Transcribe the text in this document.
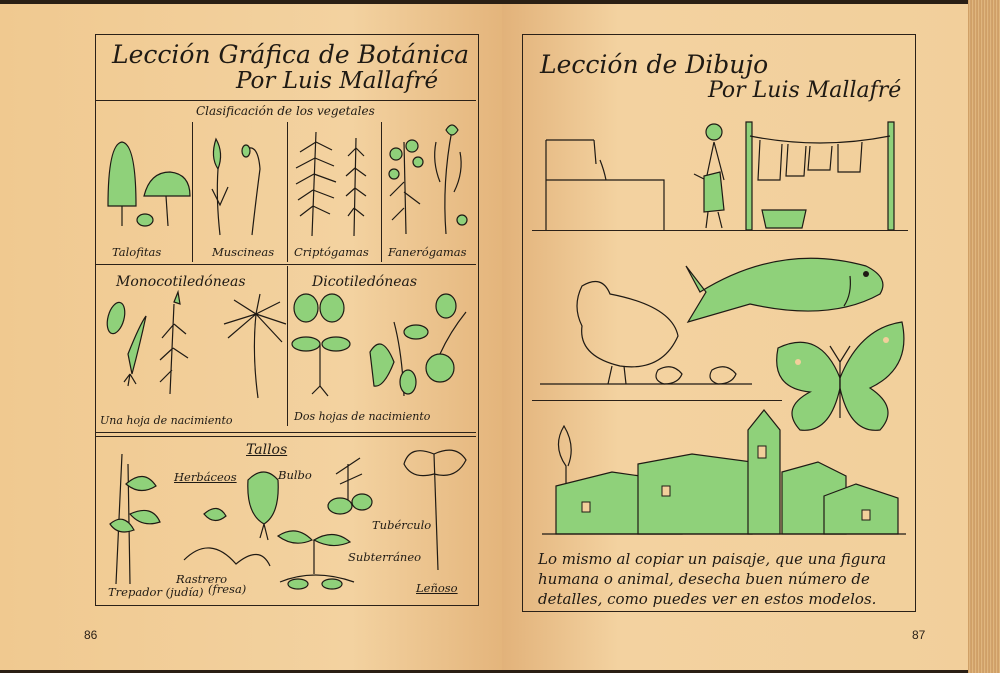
Lección Gráfica de Botánica
Por Luis Mallafré
Clasificación de los vegetales
Talofitas	Muscineas Criptógamas Fanerógamas
Monocotiledóneas	Dicotiledóneas
Una hoja de nacimiento	Dos hojas de nacimiento
Tallos
Herbáceos	Bulbo
Tubérculo
Subterráneo
Rastrero
(fresa)
Trepador (judía)	Leñoso
86
Lección de Dibujo
Por Luis Mallafré
Lo mismo al copiar un paisaje, que una figura
humana o animal, desecha buen número de
detalles, como puedes ver en estos modelos.
87
